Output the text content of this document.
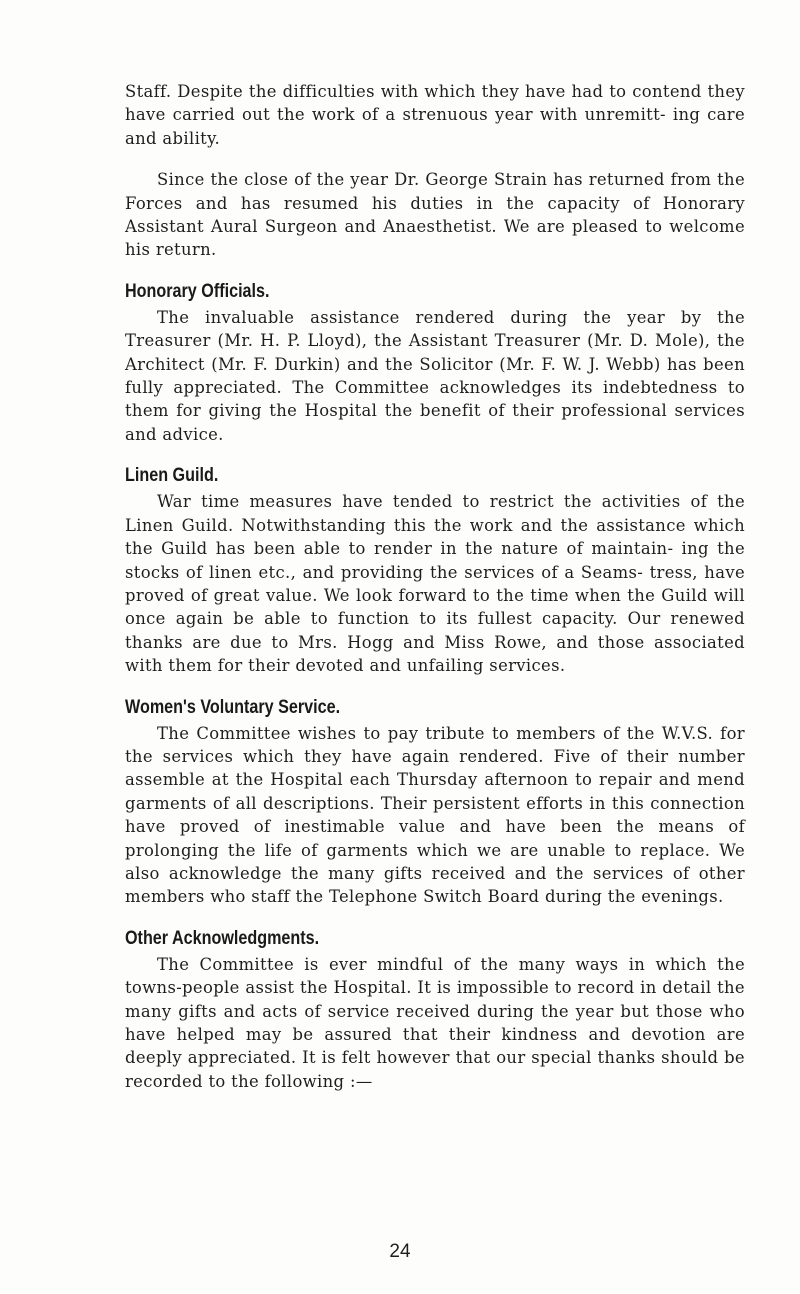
Staff. Despite the difficulties with which they have had to contend they have carried out the work of a strenuous year with unremitt- ing care and ability.

Since the close of the year Dr. George Strain has returned from the Forces and has resumed his duties in the capacity of Honorary Assistant Aural Surgeon and Anaesthetist. We are pleased to welcome his return.

Honorary Officials.

The invaluable assistance rendered during the year by the Treasurer (Mr. H. P. Lloyd), the Assistant Treasurer (Mr. D. Mole), the Architect (Mr. F. Durkin) and the Solicitor (Mr. F. W. J. Webb) has been fully appreciated. The Committee acknowledges its indebtedness to them for giving the Hospital the benefit of their professional services and advice.

Linen Guild.

War time measures have tended to restrict the activities of the Linen Guild. Notwithstanding this the work and the assistance which the Guild has been able to render in the nature of maintain- ing the stocks of linen etc., and providing the services of a Seams- tress, have proved of great value. We look forward to the time when the Guild will once again be able to function to its fullest capacity. Our renewed thanks are due to Mrs. Hogg and Miss Rowe, and those associated with them for their devoted and unfailing services.

Women's Voluntary Service.

The Committee wishes to pay tribute to members of the W.V.S. for the services which they have again rendered. Five of their number assemble at the Hospital each Thursday afternoon to repair and mend garments of all descriptions. Their persistent efforts in this connection have proved of inestimable value and have been the means of prolonging the life of garments which we are unable to replace. We also acknowledge the many gifts received and the services of other members who staff the Telephone Switch Board during the evenings.

Other Acknowledgments.

The Committee is ever mindful of the many ways in which the towns-people assist the Hospital. It is impossible to record in detail the many gifts and acts of service received during the year but those who have helped may be assured that their kindness and devotion are deeply appreciated. It is felt however that our special thanks should be recorded to the following :—

24
